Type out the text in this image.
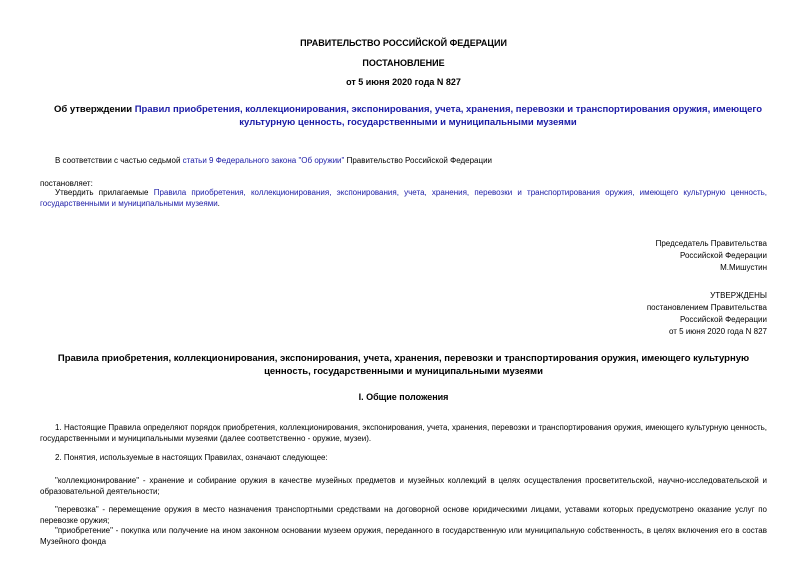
ПРАВИТЕЛЬСТВО РОССИЙСКОЙ ФЕДЕРАЦИИ
ПОСТАНОВЛЕНИЕ
от 5 июня 2020 года N 827
Об утверждении Правил приобретения, коллекционирования, экспонирования, учета, хранения, перевозки и транспортирования оружия, имеющего культурную ценность, государственными и муниципальными музеями
В соответствии с частью седьмой статьи 9 Федерального закона "Об оружии" Правительство Российской Федерации
постановляет:
Утвердить прилагаемые Правила приобретения, коллекционирования, экспонирования, учета, хранения, перевозки и транспортирования оружия, имеющего культурную ценность, государственными и муниципальными музеями.
Председатель Правительства
Российской Федерации
М.Мишустин
УТВЕРЖДЕНЫ
постановлением Правительства
Российской Федерации
от 5 июня 2020 года N 827
Правила приобретения, коллекционирования, экспонирования, учета, хранения, перевозки и транспортирования оружия, имеющего культурную ценность, государственными и муниципальными музеями
I. Общие положения
1. Настоящие Правила определяют порядок приобретения, коллекционирования, экспонирования, учета, хранения, перевозки и транспортирования оружия, имеющего культурную ценность, государственными и муниципальными музеями (далее соответственно - оружие, музеи).
2. Понятия, используемые в настоящих Правилах, означают следующее:
"коллекционирование" - хранение и собирание оружия в качестве музейных предметов и музейных коллекций в целях осуществления просветительской, научно-исследовательской и образовательной деятельности;
"перевозка" - перемещение оружия в место назначения транспортными средствами на договорной основе юридическими лицами, уставами которых предусмотрено оказание услуг по перевозке оружия;
"приобретение" - покупка или получение на ином законном основании музеем оружия, переданного в государственную или муниципальную собственность, в целях включения его в состав Музейного фонда
